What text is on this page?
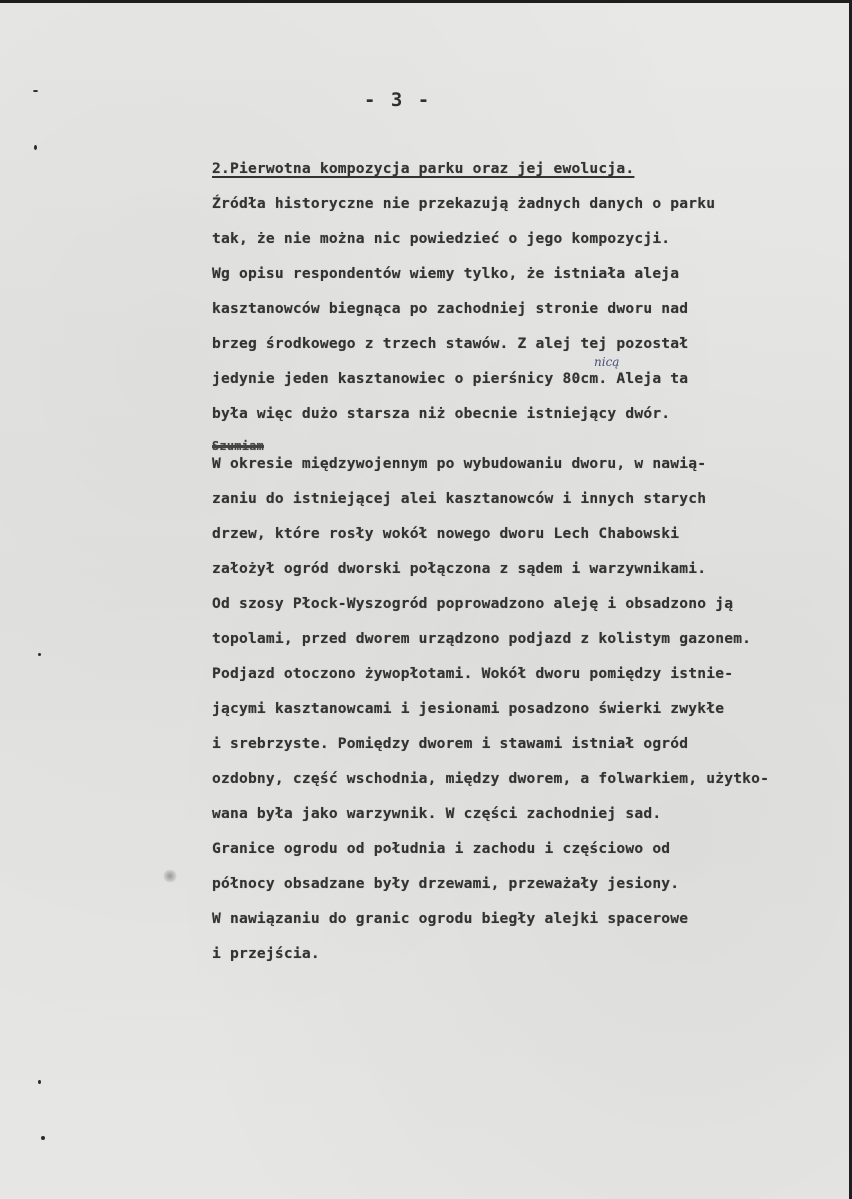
- 3 -
2.Pierwotna kompozycja parku oraz jej ewolucja.
Źródła historyczne nie przekazują żadnych danych o parku
tak, że nie można nic powiedzieć o jego kompozycji.
Wg opisu respondentów wiemy tylko, że istniała aleja
kasztanowców biegnąca po zachodniej stronie dworu nad
brzeg środkowego z trzech stawów. Z alej tej pozostał
jedynie jeden kasztanowiec o pierśnicy 80cm. Aleja ta
była więc dużo starsza niż obecnie istniejący dwór.
nicą
Szumiam
W okresie międzywojennym po wybudowaniu dworu, w nawią-
zaniu do istniejącej alei kasztanowców i innych starych
drzew, które rosły wokół nowego dworu Lech Chabowski
założył ogród dworski połączona z sądem i warzywnikami.
Od szosy Płock-Wyszogród poprowadzono aleję i obsadzono ją
topolami, przed dworem urządzono podjazd z kolistym gazonem.
Podjazd otoczono żywopłotami. Wokół dworu pomiędzy istnie-
jącymi kasztanowcami i jesionami posadzono świerki zwykłe
i srebrzyste. Pomiędzy dworem i stawami istniał ogród
ozdobny, część wschodnia, między dworem, a folwarkiem, użytko-
wana była jako warzywnik. W części zachodniej sad.
Granice ogrodu od południa i zachodu i częściowo od
północy obsadzane były drzewami, przeważały jesiony.
W nawiązaniu do granic ogrodu biegły alejki spacerowe
i przejścia.
